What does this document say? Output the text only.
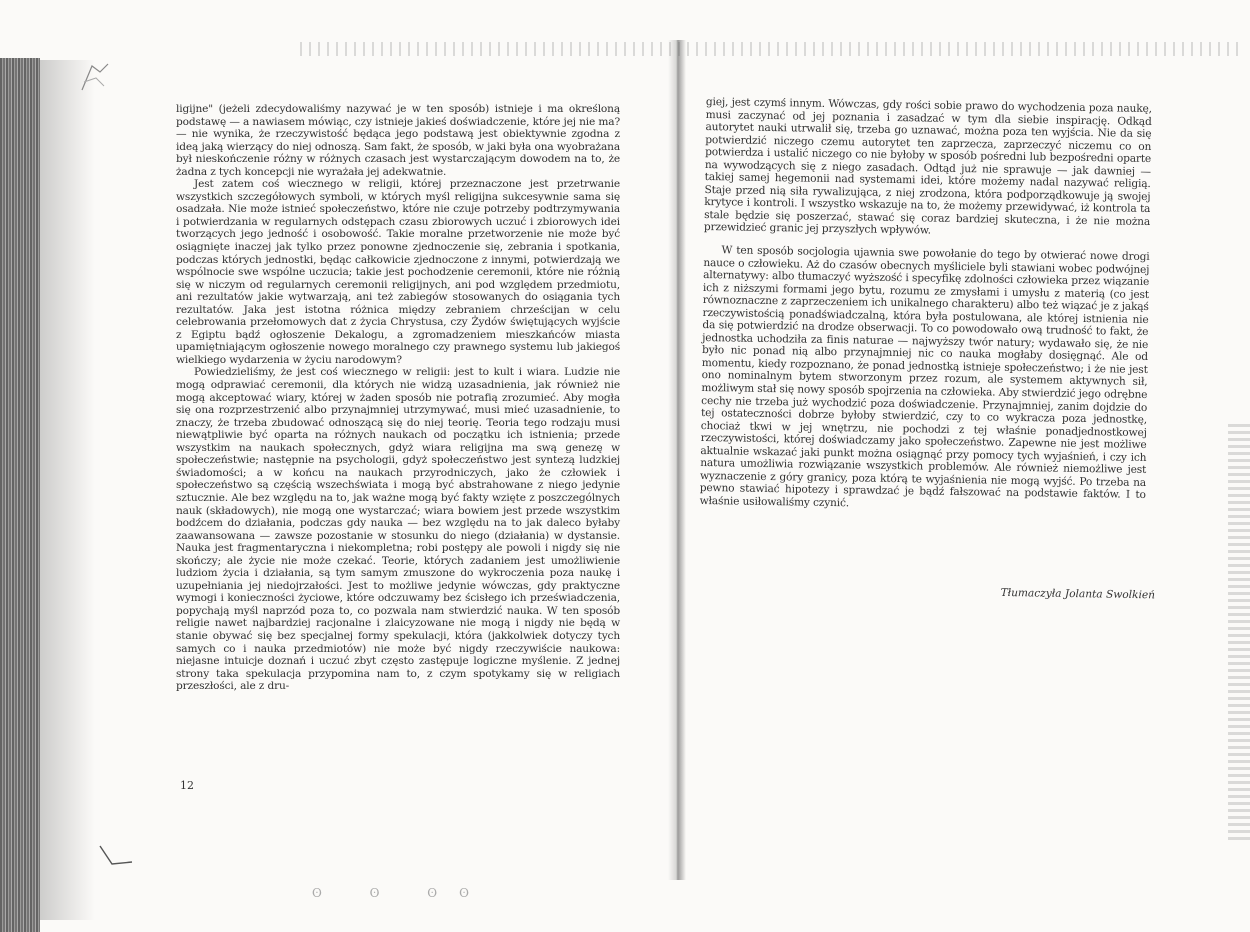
ligijne" (jeżeli zdecydowaliśmy nazywać je w ten sposób) istnieje i ma określoną podstawę — a nawiasem mówiąc, czy istnieje jakieś doświadczenie, które jej nie ma? — nie wynika, że rzeczywistość będąca jego podstawą jest obiektywnie zgodna z ideą jaką wierzący do niej odnoszą. Sam fakt, że sposób, w jaki była ona wyobrażana był nieskończenie różny w różnych czasach jest wystarczającym dowodem na to, że żadna z tych koncepcji nie wyrażała jej adekwatnie.

Jest zatem coś wiecznego w religii, której przeznaczone jest przetrwanie wszystkich szczegółowych symboli, w których myśl religijna sukcesywnie sama się osadzała. Nie może istnieć społeczeństwo, które nie czuje potrzeby podtrzymywania i potwierdzania w regularnych odstępach czasu zbiorowych uczuć i zbiorowych idei tworzących jego jedność i osobowość. Takie moralne przetworzenie nie może być osiągnięte inaczej jak tylko przez ponowne zjednoczenie się, zebrania i spotkania, podczas których jednostki, będąc całkowicie zjednoczone z innymi, potwierdzają we wspólnocie swe wspólne uczucia; takie jest pochodzenie ceremonii, które nie różnią się w niczym od regularnych ceremonii religijnych, ani pod względem przedmiotu, ani rezultatów jakie wytwarzają, ani też zabiegów stosowanych do osiągania tych rezultatów. Jaka jest istotna różnica między zebraniem chrześcijan w celu celebrowania przełomowych dat z życia Chrystusa, czy Żydów świętujących wyjście z Egiptu bądź ogłoszenie Dekalogu, a zgromadzeniem mieszkańców miasta upamiętniającym ogłoszenie nowego moralnego czy prawnego systemu lub jakiegoś wielkiego wydarzenia w życiu narodowym?

Powiedzieliśmy, że jest coś wiecznego w religii: jest to kult i wiara. Ludzie nie mogą odprawiać ceremonii, dla których nie widzą uzasadnienia, jak również nie mogą akceptować wiary, której w żaden sposób nie potrafią zrozumieć. Aby mogła się ona rozprzestrzenić albo przynajmniej utrzymywać, musi mieć uzasadnienie, to znaczy, że trzeba zbudować odnoszącą się do niej teorię. Teoria tego rodzaju musi niewątpliwie być oparta na różnych naukach od początku ich istnienia; przede wszystkim na naukach społecznych, gdyż wiara religijna ma swą genezę w społeczeństwie; następnie na psychologii, gdyż społeczeństwo jest syntezą ludzkiej świadomości; a w końcu na naukach przyrodniczych, jako że człowiek i społeczeństwo są częścią wszechświata i mogą być abstrahowane z niego jedynie sztucznie. Ale bez względu na to, jak ważne mogą być fakty wzięte z poszczególnych nauk (składowych), nie mogą one wystarczać; wiara bowiem jest przede wszystkim bodźcem do działania, podczas gdy nauka — bez względu na to jak daleco byłaby zaawansowana — zawsze pozostanie w stosunku do niego (działania) w dystansie. Nauka jest fragmentaryczna i niekompletna; robi postępy ale powoli i nigdy się nie skończy; ale życie nie może czekać. Teorie, których zadaniem jest umożliwienie ludziom życia i działania, są tym samym zmuszone do wykroczenia poza naukę i uzupełniania jej niedojrzałości. Jest to możliwe jedynie wówczas, gdy praktyczne wymogi i konieczności życiowe, które odczuwamy bez ścisłego ich przeświadczenia, popychają myśl naprzód poza to, co pozwala nam stwierdzić nauka. W ten sposób religie nawet najbardziej racjonalne i zlaicyzowane nie mogą i nigdy nie będą w stanie obywać się bez specjalnej formy spekulacji, która (jakkolwiek dotyczy tych samych co i nauka przedmiotów) nie może być nigdy rzeczywiście naukowa: niejasne intuicje doznań i uczuć zbyt często zastępuje logiczne myślenie. Z jednej strony taka spekulacja przypomina nam to, z czym spotykamy się w religiach przeszłości, ale z dru-

12

giej, jest czymś innym. Wówczas, gdy rości sobie prawo do wychodzenia poza naukę, musi zaczynać od jej poznania i zasadzać w tym dla siebie inspirację. Odkąd autorytet nauki utrwalił się, trzeba go uznawać, można poza ten wyjścia. Nie da się potwierdzić niczego czemu autorytet ten zaprzecza, zaprzeczyć niczemu co on potwierdza i ustalić niczego co nie byłoby w sposób pośredni lub bezpośredni oparte na wywodzących się z niego zasadach. Odtąd już nie sprawuje — jak dawniej — takiej samej hegemonii nad systemami idei, które możemy nadal nazywać religią. Staje przed nią siła rywalizująca, z niej zrodzona, która podporządkowuje ją swojej krytyce i kontroli. I wszystko wskazuje na to, że możemy przewidywać, iż kontrola ta stale będzie się poszerzać, stawać się coraz bardziej skuteczna, i że nie można przewidzieć granic jej przyszłych wpływów.

W ten sposób socjologia ujawnia swe powołanie do tego by otwierać nowe drogi nauce o człowieku. Aż do czasów obecnych myśliciele byli stawiani wobec podwójnej alternatywy: albo tłumaczyć wyższość i specyfikę zdolności człowieka przez wiązanie ich z niższymi formami jego bytu, rozumu ze zmysłami i umysłu z materią (co jest równoznaczne z zaprzeczeniem ich unikalnego charakteru) albo też wiązać je z jakąś rzeczywistością ponadświadczalną, która była postulowana, ale której istnienia nie da się potwierdzić na drodze obserwacji. To co powodowało ową trudność to fakt, że jednostka uchodziła za finis naturae — najwyższy twór natury; wydawało się, że nie było nic ponad nią albo przynajmniej nic co nauka mogłaby dosięgnąć. Ale od momentu, kiedy rozpoznano, że ponad jednostką istnieje społeczeństwo; i że nie jest ono nominalnym bytem stworzonym przez rozum, ale systemem aktywnych sił, możliwym stał się nowy sposób spojrzenia na człowieka. Aby stwierdzić jego odrębne cechy nie trzeba już wychodzić poza doświadczenie. Przynajmniej, zanim dojdzie do tej ostateczności dobrze byłoby stwierdzić, czy to co wykracza poza jednostkę, chociaż tkwi w jej wnętrzu, nie pochodzi z tej właśnie ponadjednostkowej rzeczywistości, której doświadczamy jako społeczeństwo. Zapewne nie jest możliwe aktualnie wskazać jaki punkt można osiągnąć przy pomocy tych wyjaśnień, i czy ich natura umożliwia rozwiązanie wszystkich problemów. Ale również niemożliwe jest wyznaczenie z góry granicy, poza którą te wyjaśnienia nie mogą wyjść. Po trzeba na pewno stawiać hipotezy i sprawdzać je bądź fałszować na podstawie faktów. I to właśnie usiłowaliśmy czynić.

Tłumaczyła Jolanta Swolkień
ʘ ʘ ʘʘ
